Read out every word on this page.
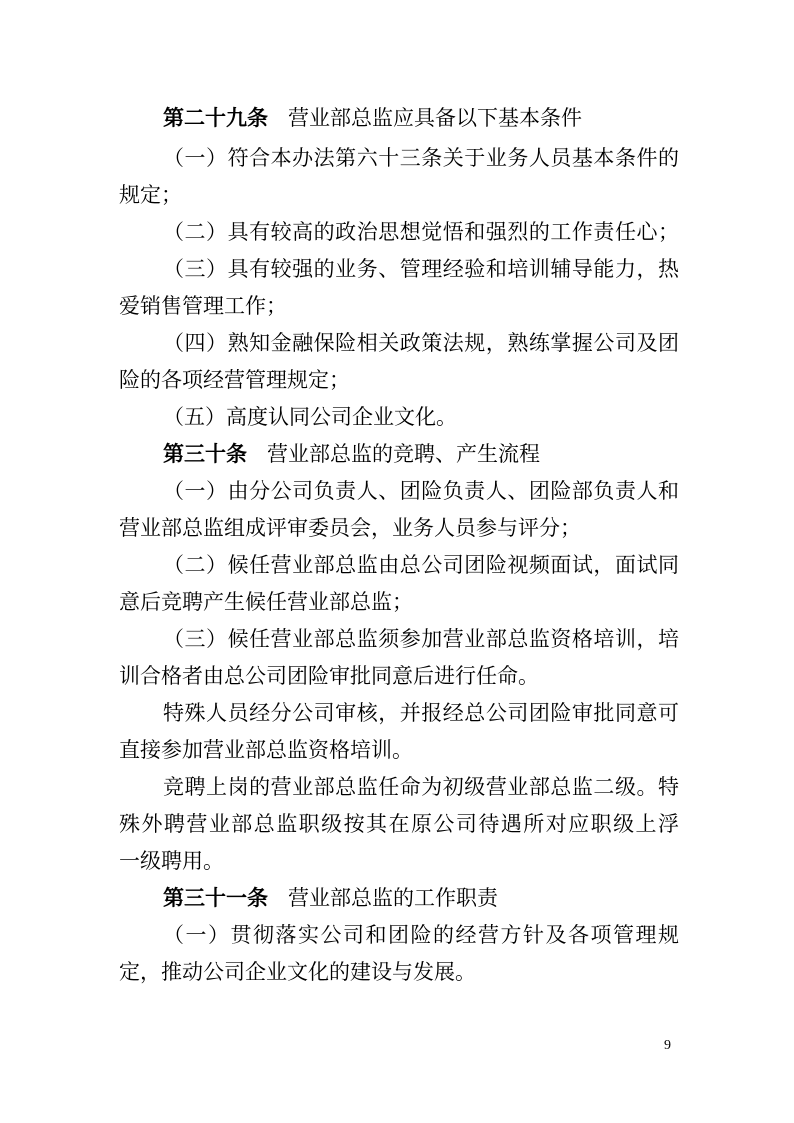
第二十九条 营业部总监应具备以下基本条件
（一）符合本办法第六十三条关于业务人员基本条件的
规定；
（二）具有较高的政治思想觉悟和强烈的工作责任心；
（三）具有较强的业务、管理经验和培训辅导能力，热
爱销售管理工作；
（四）熟知金融保险相关政策法规，熟练掌握公司及团
险的各项经营管理规定；
（五）高度认同公司企业文化。
第三十条 营业部总监的竞聘、产生流程
（一）由分公司负责人、团险负责人、团险部负责人和
营业部总监组成评审委员会，业务人员参与评分；
（二）候任营业部总监由总公司团险视频面试，面试同
意后竞聘产生候任营业部总监；
（三）候任营业部总监须参加营业部总监资格培训，培
训合格者由总公司团险审批同意后进行任命。
特殊人员经分公司审核，并报经总公司团险审批同意可
直接参加营业部总监资格培训。
竞聘上岗的营业部总监任命为初级营业部总监二级。特
殊外聘营业部总监职级按其在原公司待遇所对应职级上浮
一级聘用。
第三十一条 营业部总监的工作职责
（一）贯彻落实公司和团险的经营方针及各项管理规
定，推动公司企业文化的建设与发展。
9
